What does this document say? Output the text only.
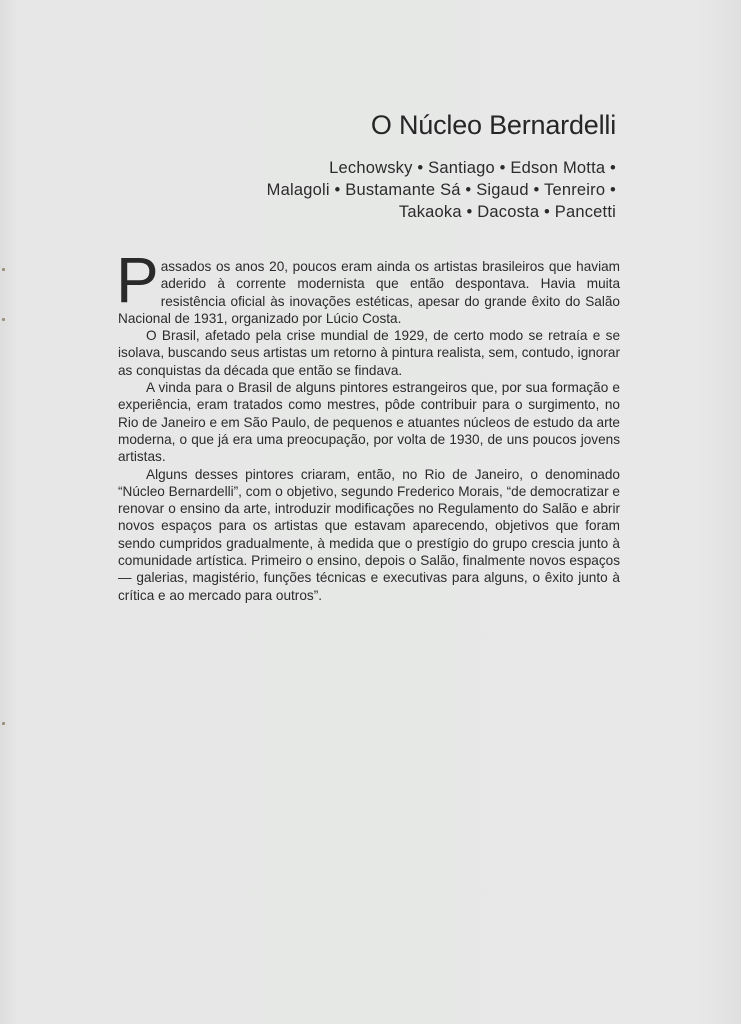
O Núcleo Bernardelli
Lechowsky • Santiago • Edson Motta •
Malagoli • Bustamante Sá • Sigaud • Tenreiro •
Takaoka • Dacosta • Pancetti

Passados os anos 20, poucos eram ainda os artistas brasileiros que haviam aderido à corrente modernista que então despontava. Havia muita resistência oficial às inovações estéticas, apesar do grande êxito do Salão Nacional de 1931, organizado por Lúcio Costa.

O Brasil, afetado pela crise mundial de 1929, de certo modo se retraía e se isolava, buscando seus artistas um retorno à pintura realista, sem, contudo, ignorar as conquistas da década que então se findava.

A vinda para o Brasil de alguns pintores estrangeiros que, por sua formação e experiência, eram tratados como mestres, pôde contribuir para o surgimento, no Rio de Janeiro e em São Paulo, de pequenos e atuantes núcleos de estudo da arte moderna, o que já era uma preocupação, por volta de 1930, de uns poucos jovens artistas.

Alguns desses pintores criaram, então, no Rio de Janeiro, o denominado “Núcleo Bernardelli”, com o objetivo, segundo Frederico Morais, “de democratizar e renovar o ensino da arte, introduzir modificações no Regulamento do Salão e abrir novos espaços para os artistas que estavam aparecendo, objetivos que foram sendo cumpridos gradualmente, à medida que o prestígio do grupo crescia junto à comunidade artística. Primeiro o ensino, depois o Salão, finalmente novos espaços — galerias, magistério, funções técnicas e executivas para alguns, o êxito junto à crítica e ao mercado para outros”.
